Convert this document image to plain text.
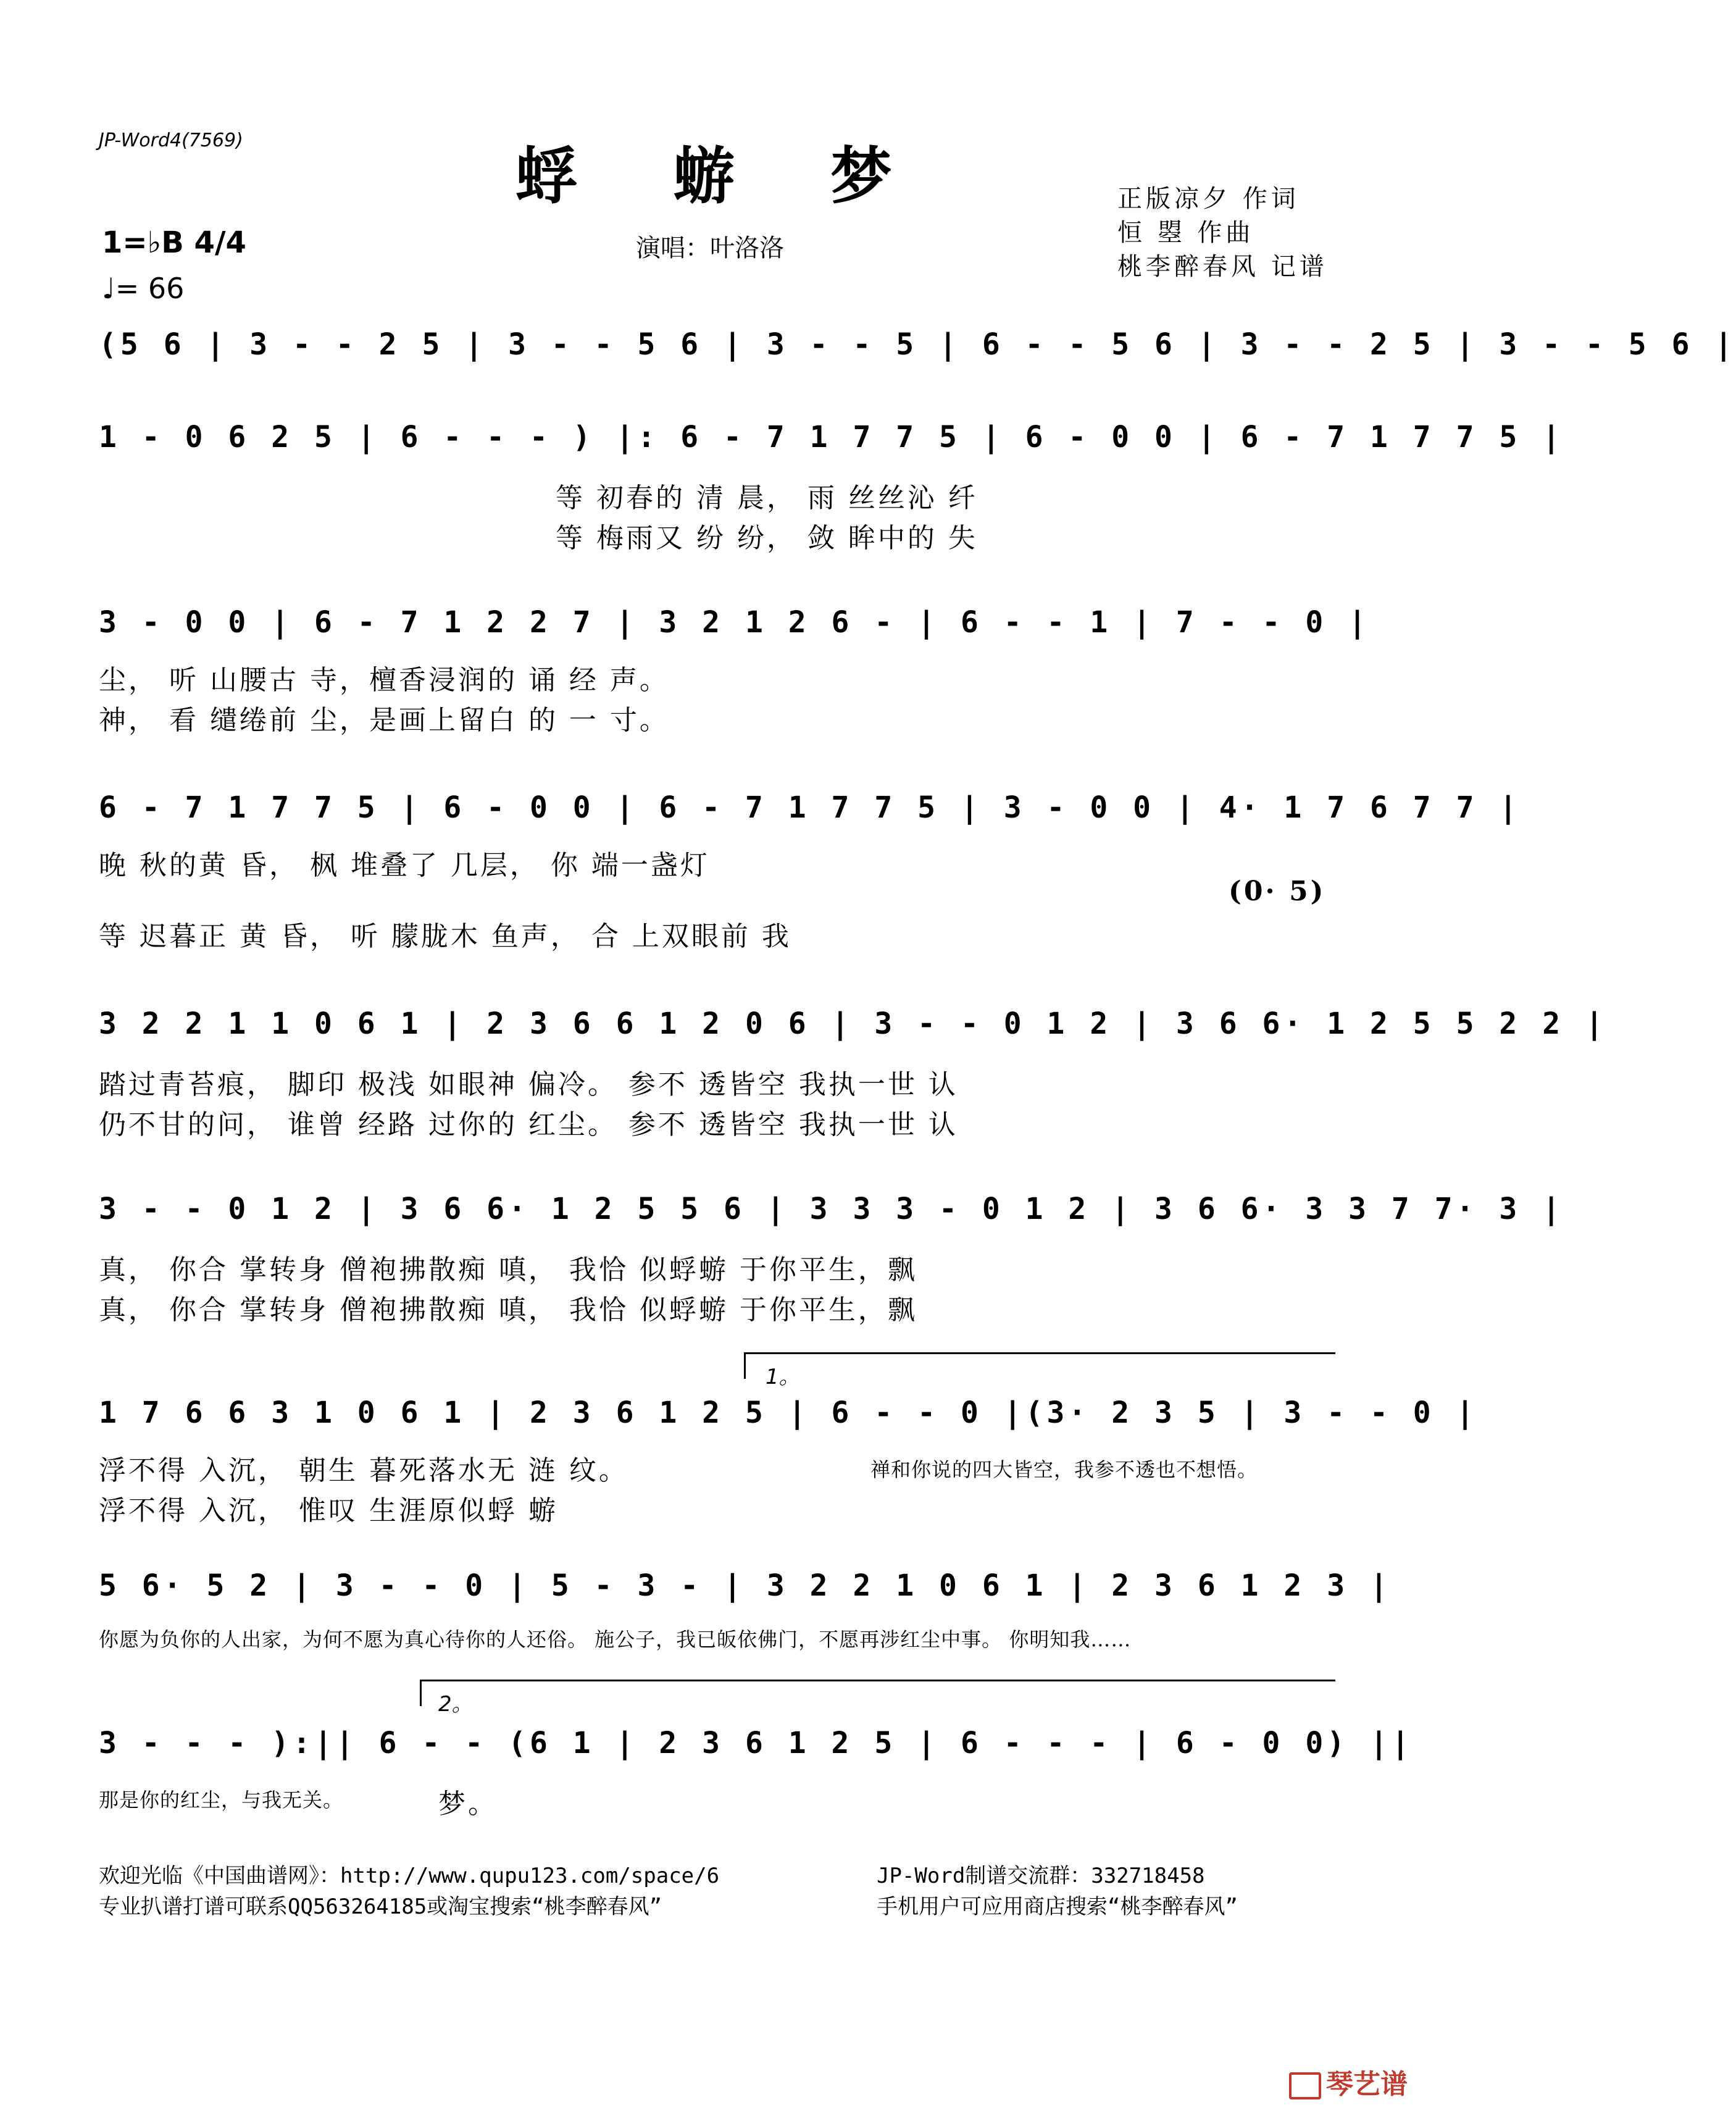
JP-Word4(7569)	蜉 蝣 梦
演唱：叶洛洛
正版凉夕 作词
恒 曌 作曲
桃李醉春风 记谱
1=♭B 4/4
♩= 66
(5 6 | 3 - - 2 5 | 3 - - 5 6 | 3 - - 5 | 6 - - 5 6 | 3 - - 2 5 | 3 - - 5 6 |
1 - 0 6 2 5 | 6 - - - ) |: 6 - 7 1 7 7 5 | 6 - 0 0 | 6 - 7 1 7 7 5 |
等 初春的 清 晨， 雨 丝丝沁 纤
等 梅雨又 纷 纷， 敛 眸中的 失
3 - 0 0 | 6 - 7 1 2 2 7 | 3 2 1 2 6 - | 6 - - 1 | 7 - - 0 |
尘， 听 山腰古 寺，檀香浸润的 诵 经 声。
神， 看 缱绻前 尘，是画上留白 的 一 寸。
6 - 7 1 7 7 5 | 6 - 0 0 | 6 - 7 1 7 7 5 | 3 - 0 0 | 4· 1 7 6 7 7 |
晚 秋的黄 昏， 枫 堆叠了 几层， 你 端一盏灯
(0· 5)
等 迟暮正 黄 昏， 听 朦胧木 鱼声， 合 上双眼前 我
3 2 2 1 1 0 6 1 | 2 3 6 6 1 2 0 6 | 3 - - 0 1 2 | 3 6 6· 1 2 5 5 2 2 |
踏过青苔痕， 脚印 极浅 如眼神 偏冷。 参不 透皆空 我执一世 认
仍不甘的问， 谁曾 经路 过你的 红尘。 参不 透皆空 我执一世 认
3 - - 0 1 2 | 3 6 6· 1 2 5 5 6 | 3 3 3 - 0 1 2 | 3 6 6· 3 3 7 7· 3 |
真， 你合 掌转身 僧袍拂散痴 嗔， 我恰 似蜉蝣 于你平生，飘
真， 你合 掌转身 僧袍拂散痴 嗔， 我恰 似蜉蝣 于你平生，飘
1。
1 7 6 6 3 1 0 6 1 | 2 3 6 1 2 5 | 6 - - 0 |(3· 2 3 5 | 3 - - 0 |
浮不得 入沉， 朝生 暮死落水无 涟 纹。	禅和你说的四大皆空，我参不透也不想悟。
浮不得 入沉， 惟叹 生涯原似蜉 蝣
5 6· 5 2 | 3 - - 0 | 5 - 3 - | 3 2 2 1 0 6 1 | 2 3 6 1 2 3 |
你愿为负你的人出家，为何不愿为真心待你的人还俗。 施公子，我已皈依佛门，不愿再涉红尘中事。 你明知我……
2。
3 - - - ):|| 6 - - (6 1 | 2 3 6 1 2 5 | 6 - - - | 6 - 0 0) ||
那是你的红尘，与我无关。	梦。
欢迎光临《中国曲谱网》：http://www.qupu123.com/space/6
专业扒谱打谱可联系QQ563264185或淘宝搜索“桃李醉春风”
JP-Word制谱交流群：332718458
手机用户可应用商店搜索“桃李醉春风”
琴艺谱
